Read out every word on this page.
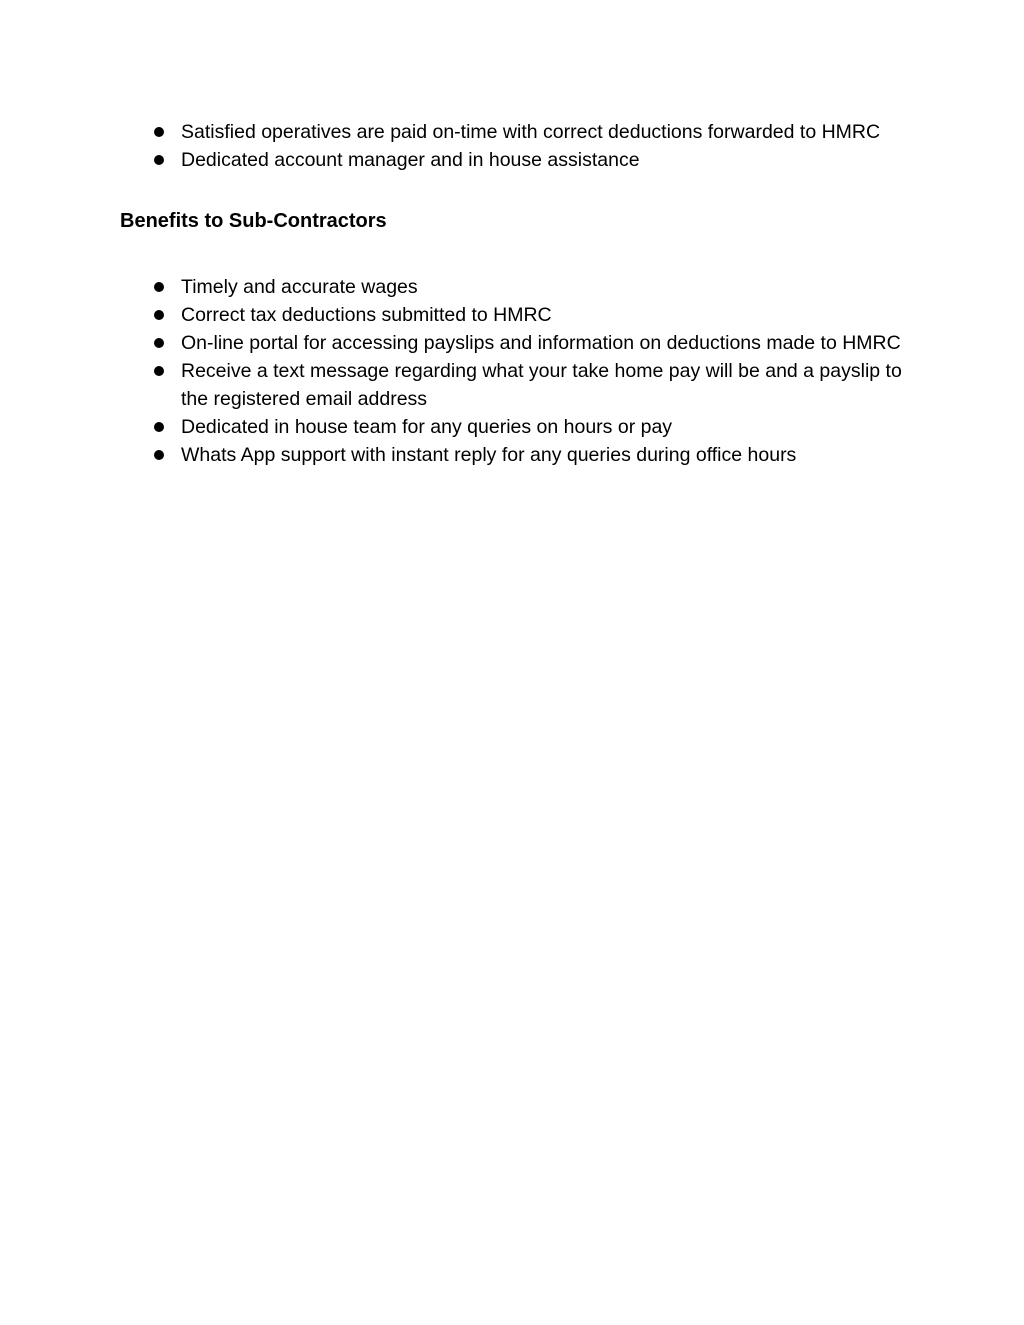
Satisfied operatives are paid on-time with correct deductions forwarded to HMRC
Dedicated account manager and in house assistance
Benefits to Sub-Contractors
Timely and accurate wages
Correct tax deductions submitted to HMRC
On-line portal for accessing payslips and information on deductions made to HMRC
Receive a text message regarding what your take home pay will be and a payslip to the registered email address
Dedicated in house team for any queries on hours or pay
Whats App support with instant reply for any queries during office hours
